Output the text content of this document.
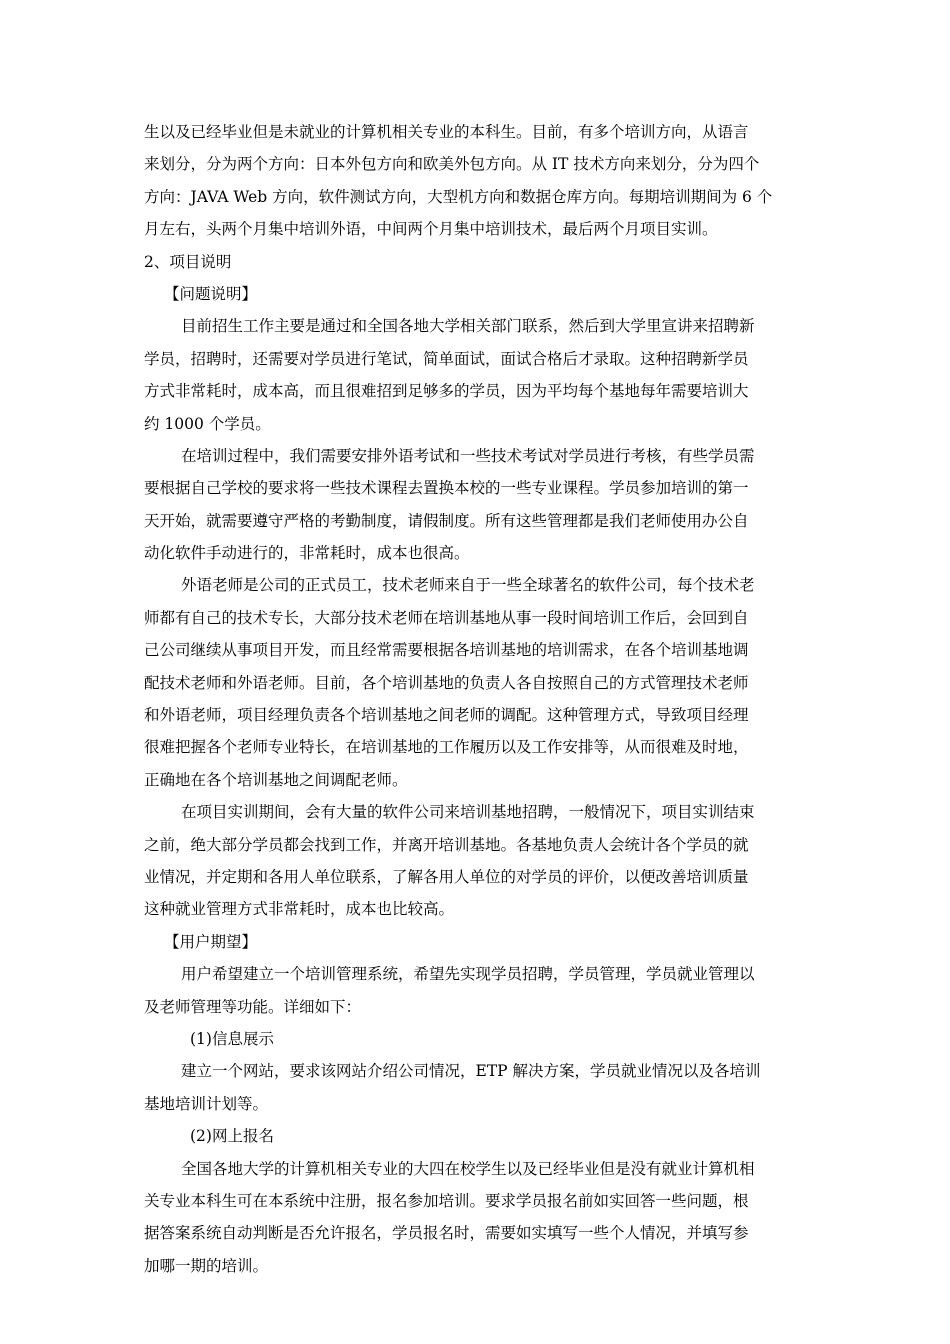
生以及已经毕业但是未就业的计算机相关专业的本科生。目前，有多个培训方向，从语言
来划分，分为两个方向：日本外包方向和欧美外包方向。从 IT 技术方向来划分，分为四个
方向：JAVA Web 方向，软件测试方向，大型机方向和数据仓库方向。每期培训期间为 6 个
月左右，头两个月集中培训外语，中间两个月集中培训技术，最后两个月项目实训。
2、项目说明
【问题说明】
目前招生工作主要是通过和全国各地大学相关部门联系，然后到大学里宣讲来招聘新
学员，招聘时，还需要对学员进行笔试，简单面试，面试合格后才录取。这种招聘新学员
方式非常耗时，成本高，而且很难招到足够多的学员，因为平均每个基地每年需要培训大
约 1000 个学员。
在培训过程中，我们需要安排外语考试和一些技术考试对学员进行考核，有些学员需
要根据自己学校的要求将一些技术课程去置换本校的一些专业课程。学员参加培训的第一
天开始，就需要遵守严格的考勤制度，请假制度。所有这些管理都是我们老师使用办公自
动化软件手动进行的，非常耗时，成本也很高。
外语老师是公司的正式员工，技术老师来自于一些全球著名的软件公司，每个技术老
师都有自己的技术专长，大部分技术老师在培训基地从事一段时间培训工作后，会回到自
己公司继续从事项目开发，而且经常需要根据各培训基地的培训需求，在各个培训基地调
配技术老师和外语老师。目前，各个培训基地的负责人各自按照自己的方式管理技术老师
和外语老师，项目经理负责各个培训基地之间老师的调配。这种管理方式，导致项目经理
很难把握各个老师专业特长，在培训基地的工作履历以及工作安排等，从而很难及时地，
正确地在各个培训基地之间调配老师。
在项目实训期间，会有大量的软件公司来培训基地招聘，一般情况下，项目实训结束
之前，绝大部分学员都会找到工作，并离开培训基地。各基地负责人会统计各个学员的就
业情况，并定期和各用人单位联系，了解各用人单位的对学员的评价，以便改善培训质量
这种就业管理方式非常耗时，成本也比较高。
【用户期望】
用户希望建立一个培训管理系统，希望先实现学员招聘，学员管理，学员就业管理以
及老师管理等功能。详细如下：
(1)信息展示
建立一个网站，要求该网站介绍公司情况，ETP 解决方案，学员就业情况以及各培训
基地培训计划等。
(2)网上报名
全国各地大学的计算机相关专业的大四在校学生以及已经毕业但是没有就业计算机相
关专业本科生可在本系统中注册，报名参加培训。要求学员报名前如实回答一些问题，根
据答案系统自动判断是否允许报名，学员报名时，需要如实填写一些个人情况，并填写参
加哪一期的培训。
